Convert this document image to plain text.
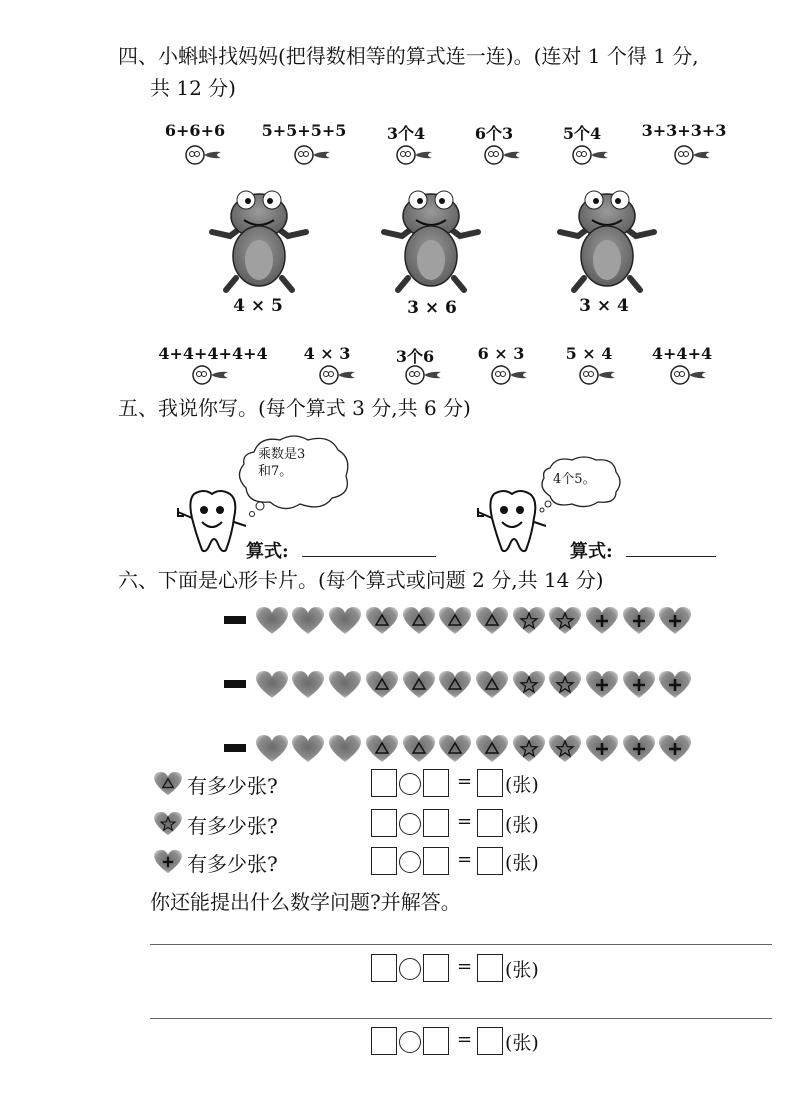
四、小蝌蚪找妈妈(把得数相等的算式连一连)。(连对 1 个得 1 分,
共 12 分)
6+6+6	5+5+5+5	3个4	6个3	5个4	3+3+3+3
4 × 5	3 × 6	3 × 4
4+4+4+4+4	4 × 3	3个6	6 × 3	5 × 4	4+4+4
五、我说你写。(每个算式 3 分,共 6 分)
乘数是3
和7。
算式:
4个5。
算式:
六、下面是心形卡片。(每个算式或问题 2 分,共 14 分)
有多少张?
有多少张?
有多少张?
= (张)
= (张)
= (张)
你还能提出什么数学问题?并解答。
= (张)
= (张)
